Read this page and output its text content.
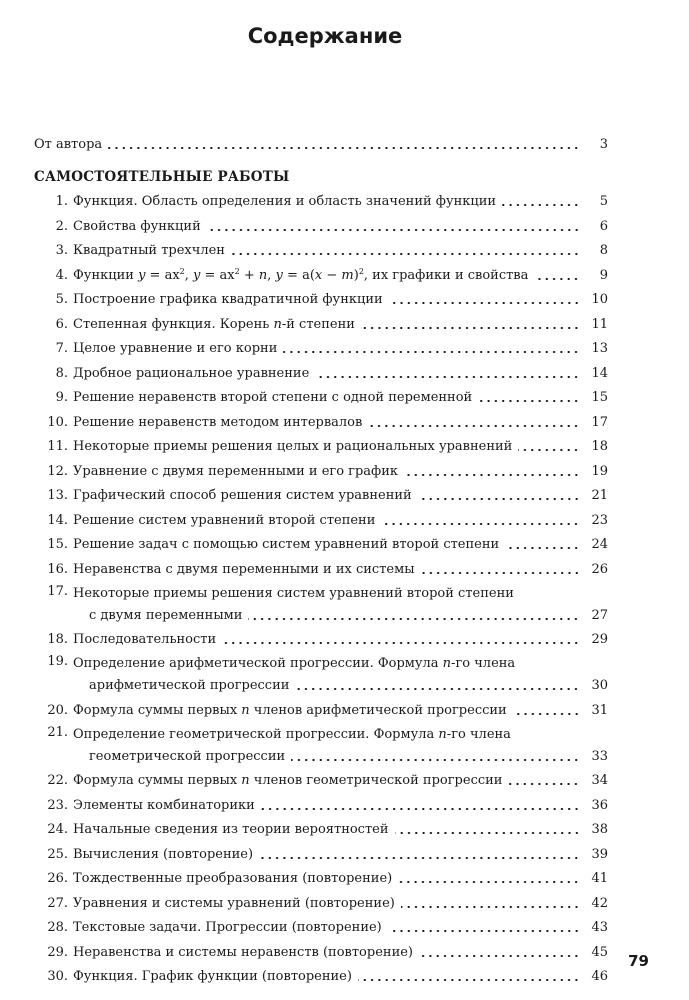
Содержание
От автора	3
САМОСТОЯТЕЛЬНЫЕ РАБОТЫ
1. Функция. Область определения и область значений функции	5
2. Свойства функций	6
3. Квадратный трехчлен	8
4. Функции $y = ax^2$, $y = ax^2 + n$, $y = a(x - m)^2$, их графики и свойства	9
5. Построение графика квадратичной функции	10
6. Степенная функция. Корень n-й степени	11
7. Целое уравнение и его корни	13
8. Дробное рациональное уравнение	14
9. Решение неравенств второй степени с одной переменной	15
10. Решение неравенств методом интервалов	17
11. Некоторые приемы решения целых и рациональных уравнений	18
12. Уравнение с двумя переменными и его график	19
13. Графический способ решения систем уравнений	21
14. Решение систем уравнений второй степени	23
15. Решение задач с помощью систем уравнений второй степени	24
16. Неравенства с двумя переменными и их системы	26
17. Некоторые приемы решения систем уравнений второй степени
с двумя переменными	27
18. Последовательности	29
19. Определение арифметической прогрессии. Формула n-го члена
арифметической прогрессии	30
20. Формула суммы первых n членов арифметической прогрессии	31
21. Определение геометрической прогрессии. Формула n-го члена
геометрической прогрессии	33
22. Формула суммы первых n членов геометрической прогрессии	34
23. Элементы комбинаторики	36
24. Начальные сведения из теории вероятностей	38
25. Вычисления (повторение)	39
26. Тождественные преобразования (повторение)	41
27. Уравнения и системы уравнений (повторение)	42
28. Текстовые задачи. Прогрессии (повторение)	43
29. Неравенства и системы неравенств (повторение)	45
30. Функция. График функции (повторение)	46
79
